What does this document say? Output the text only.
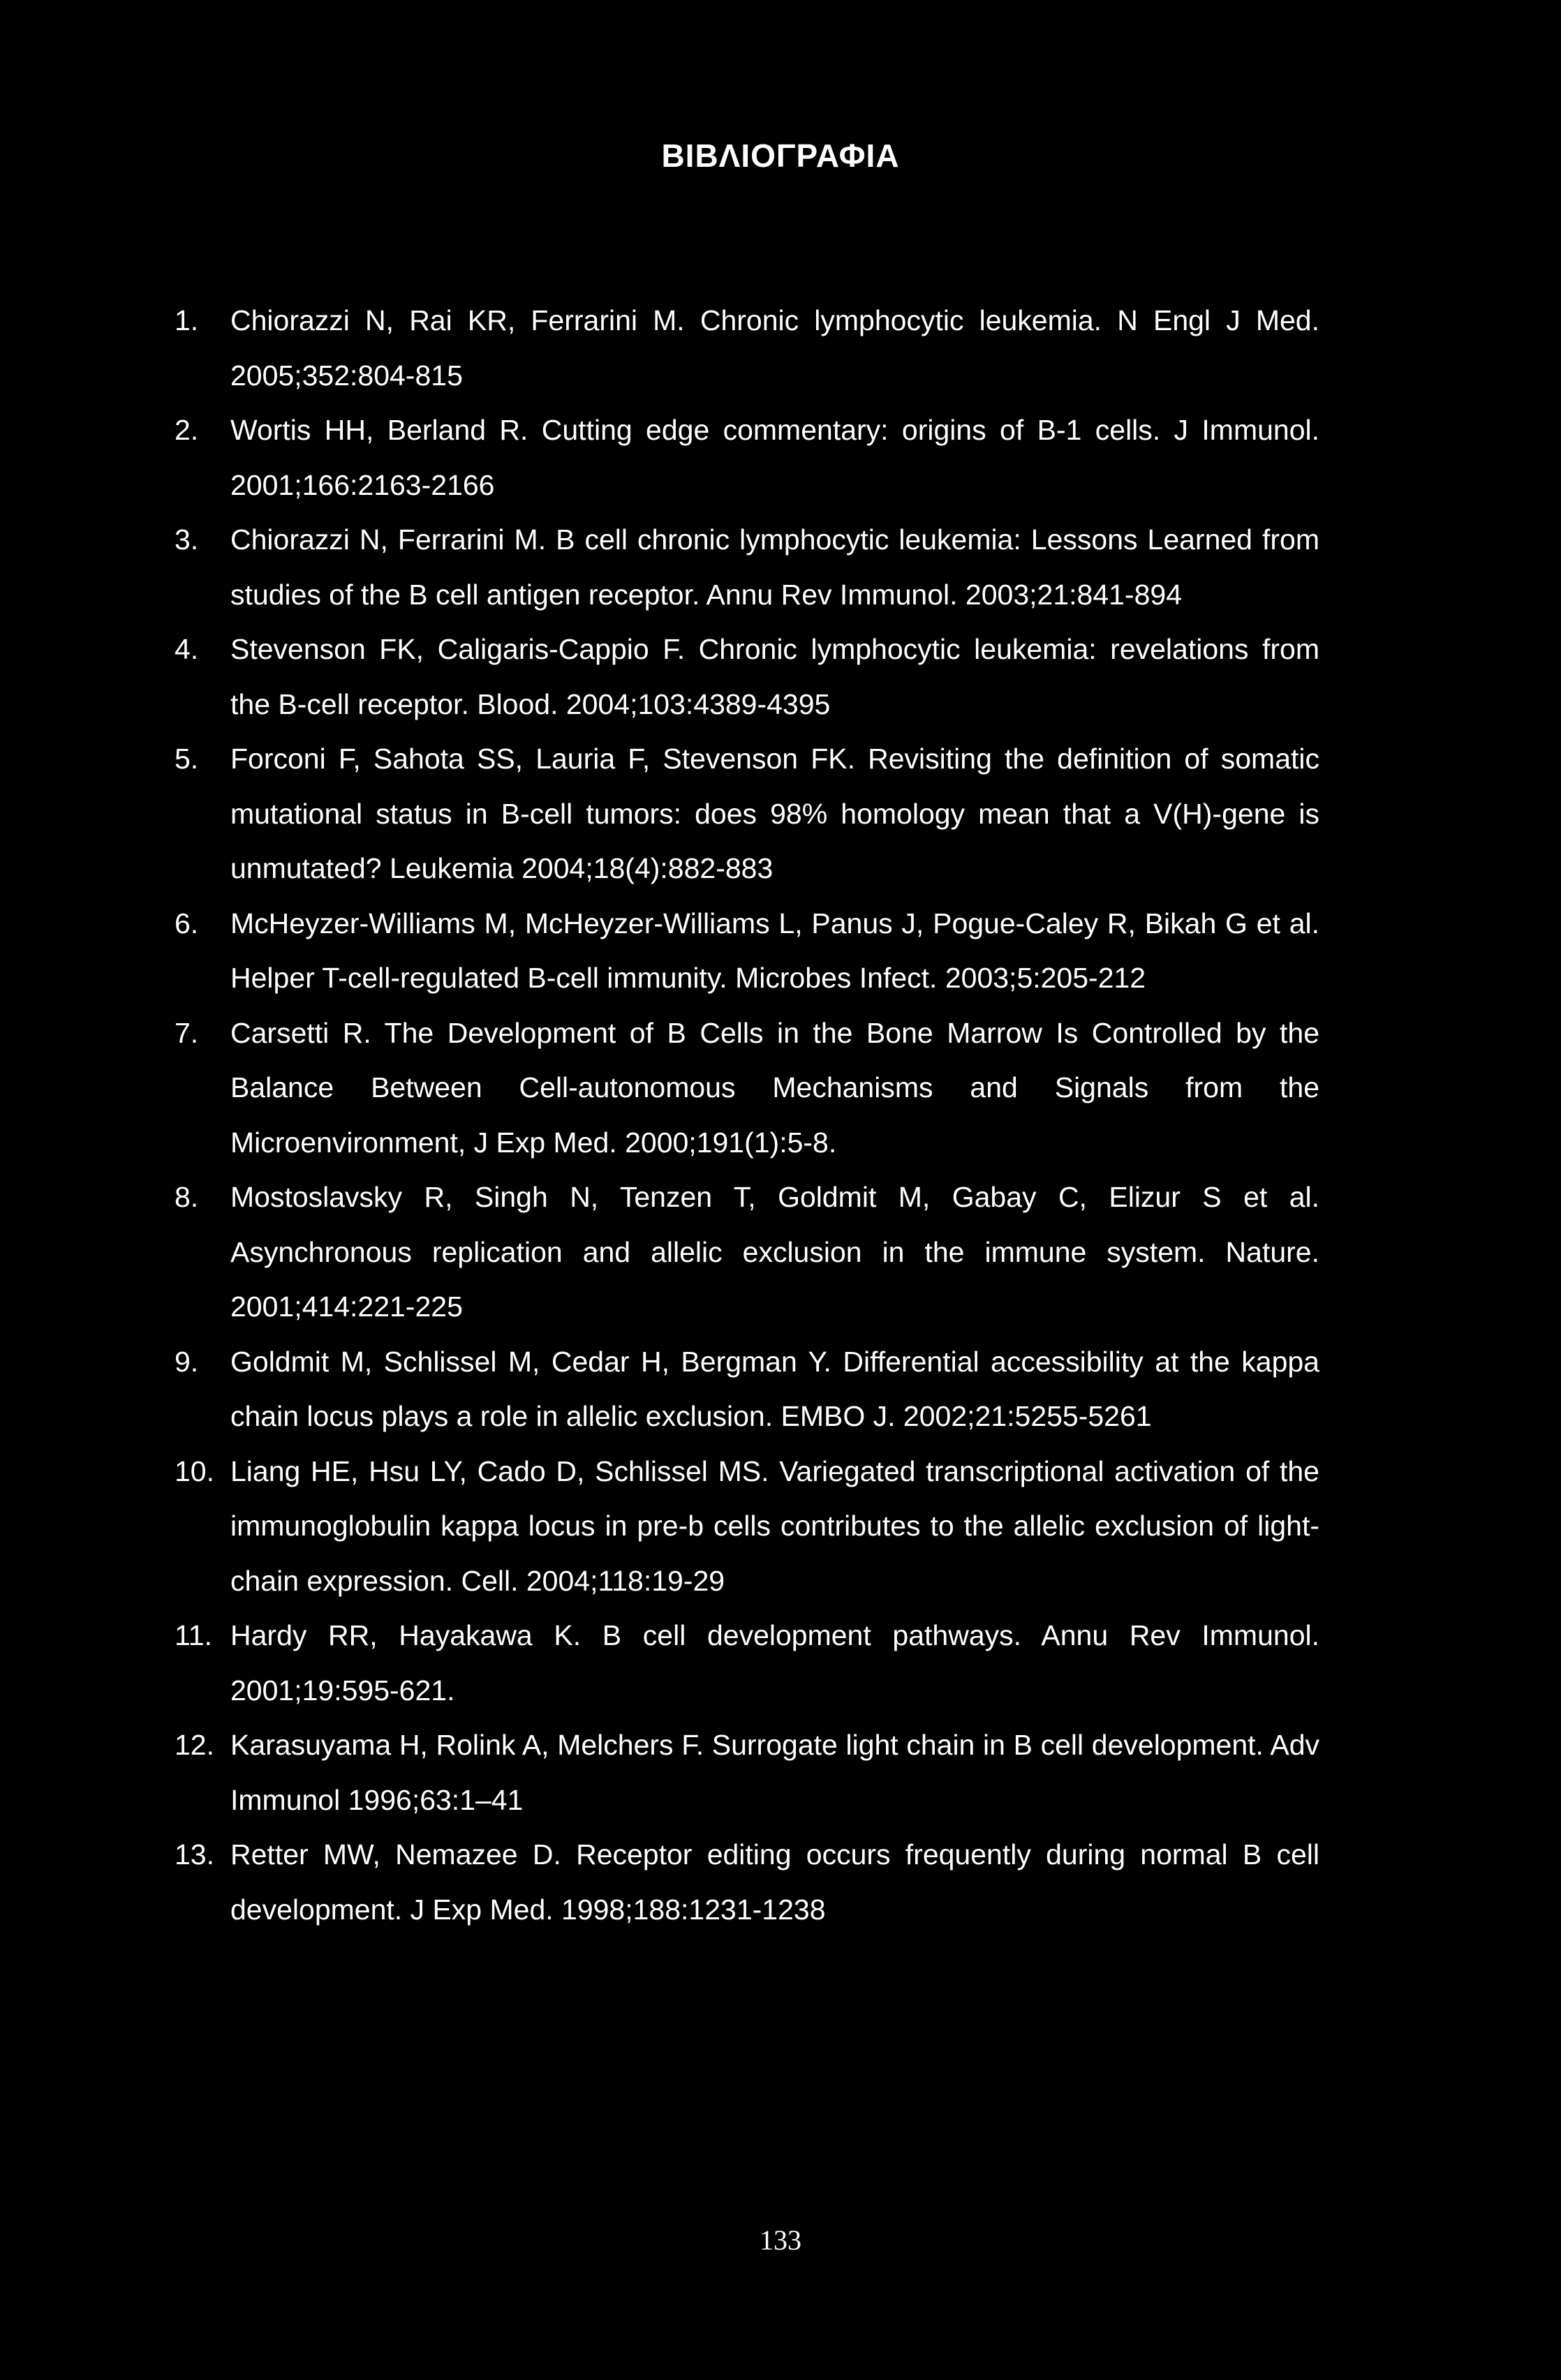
ΒΙΒΛΙΟΓΡΑΦΙΑ
1.	Chiorazzi N, Rai KR, Ferrarini M. Chronic lymphocytic leukemia. N Engl J Med. 2005;352:804-815
2.	Wortis HH, Berland R. Cutting edge commentary: origins of B-1 cells. J Immunol. 2001;166:2163-2166
3.	Chiorazzi N, Ferrarini M. B cell chronic lymphocytic leukemia: Lessons Learned from studies of the B cell antigen receptor. Annu Rev Immunol. 2003;21:841-894
4.	Stevenson FK, Caligaris-Cappio F. Chronic lymphocytic leukemia: revelations from the B-cell receptor. Blood. 2004;103:4389-4395
5.	Forconi F, Sahota SS, Lauria F, Stevenson FK. Revisiting the definition of somatic mutational status in B-cell tumors: does 98% homology mean that a V(H)-gene is unmutated? Leukemia 2004;18(4):882-883
6.	McHeyzer-Williams M, McHeyzer-Williams L, Panus J, Pogue-Caley R, Bikah G et al. Helper T-cell-regulated B-cell immunity. Microbes Infect. 2003;5:205-212
7.	Carsetti R. The Development of B Cells in the Bone Marrow Is Controlled by the Balance Between Cell-autonomous Mechanisms and Signals from the Microenvironment, J Exp Med. 2000;191(1):5-8.
8.	Mostoslavsky R, Singh N, Tenzen T, Goldmit M, Gabay C, Elizur S et al. Asynchronous replication and allelic exclusion in the immune system. Nature. 2001;414:221-225
9.	Goldmit M, Schlissel M, Cedar H, Bergman Y. Differential accessibility at the kappa chain locus plays a role in allelic exclusion. EMBO J. 2002;21:5255-5261
10. Liang HE, Hsu LY, Cado D, Schlissel MS. Variegated transcriptional activation of the immunoglobulin kappa locus in pre-b cells contributes to the allelic exclusion of light-chain expression. Cell. 2004;118:19-29
11. Hardy RR, Hayakawa K. B cell development pathways. Annu Rev Immunol. 2001;19:595-621.
12. Karasuyama H, Rolink A, Melchers F. Surrogate light chain in B cell development. Adv Immunol 1996;63:1–41
13. Retter MW, Nemazee D. Receptor editing occurs frequently during normal B cell development. J Exp Med. 1998;188:1231-1238
133
